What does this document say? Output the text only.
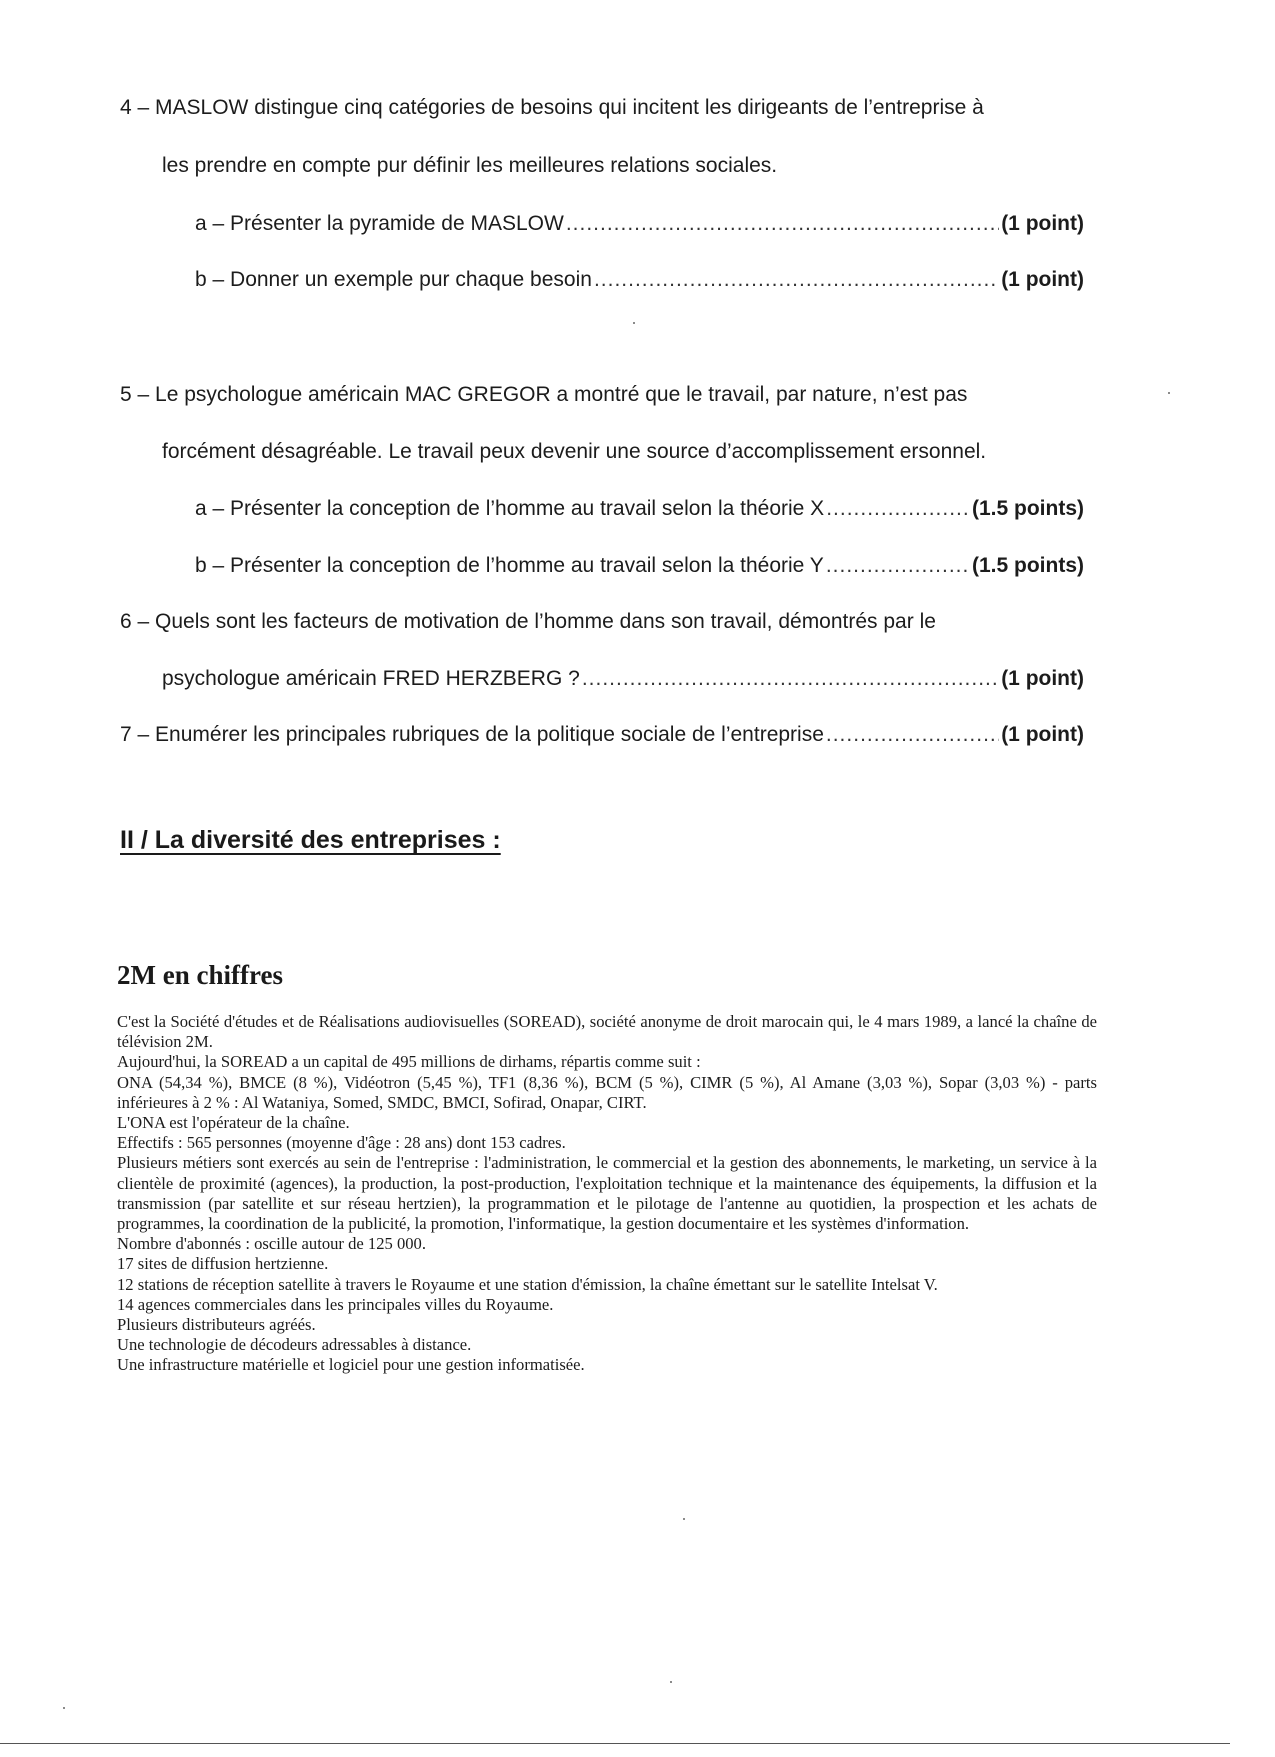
4 – MASLOW distingue cinq catégories de besoins qui incitent les dirigeants de l’entreprise à
les prendre en compte pur définir les meilleures relations sociales.
a – Présenter la pyramide de MASLOW .....	(1 point)
b – Donner un exemple pur chaque besoin .....	(1 point)
5 – Le psychologue américain MAC GREGOR a montré que le travail, par nature, n’est pas
forcément désagréable. Le travail peux devenir une source d’accomplissement ersonnel.
a – Présenter la conception de l’homme au travail selon la théorie X .....	(1.5 points)
b – Présenter la conception de l’homme au travail selon la théorie Y .....	(1.5 points)
6 – Quels sont les facteurs de motivation de l’homme dans son travail, démontrés par le
psychologue américain FRED HERZBERG ? .....	(1 point)
7 – Enumérer les principales rubriques de la politique sociale de l’entreprise .....	(1 point)
II / La diversité des entreprises :
2M en chiffres

C'est la Société d'études et de Réalisations audiovisuelles (SOREAD), société anonyme de droit marocain qui, le 4 mars 1989, a lancé la chaîne de télévision 2M.

Aujourd'hui, la SOREAD a un capital de 495 millions de dirhams, répartis comme suit :

ONA (54,34 %), BMCE (8 %), Vidéotron (5,45 %), TF1 (8,36 %), BCM (5 %), CIMR (5 %), Al Amane (3,03 %), Sopar (3,03 %) - parts inférieures à 2 % : Al Wataniya, Somed, SMDC, BMCI, Sofirad, Onapar, CIRT.

L'ONA est l'opérateur de la chaîne.

Effectifs : 565 personnes (moyenne d'âge : 28 ans) dont 153 cadres.

Plusieurs métiers sont exercés au sein de l'entreprise : l'administration, le commercial et la gestion des abonnements, le marketing, un service à la clientèle de proximité (agences), la production, la post-production, l'exploitation technique et la maintenance des équipements, la diffusion et la transmission (par satellite et sur réseau hertzien), la programmation et le pilotage de l'antenne au quotidien, la prospection et les achats de programmes, la coordination de la publicité, la promotion, l'informatique, la gestion documentaire et les systèmes d'information.

Nombre d'abonnés : oscille autour de 125 000.

17 sites de diffusion hertzienne.

12 stations de réception satellite à travers le Royaume et une station d'émission, la chaîne émettant sur le satellite Intelsat V.

14 agences commerciales dans les principales villes du Royaume.

Plusieurs distributeurs agréés.

Une technologie de décodeurs adressables à distance.

Une infrastructure matérielle et logiciel pour une gestion informatisée.
